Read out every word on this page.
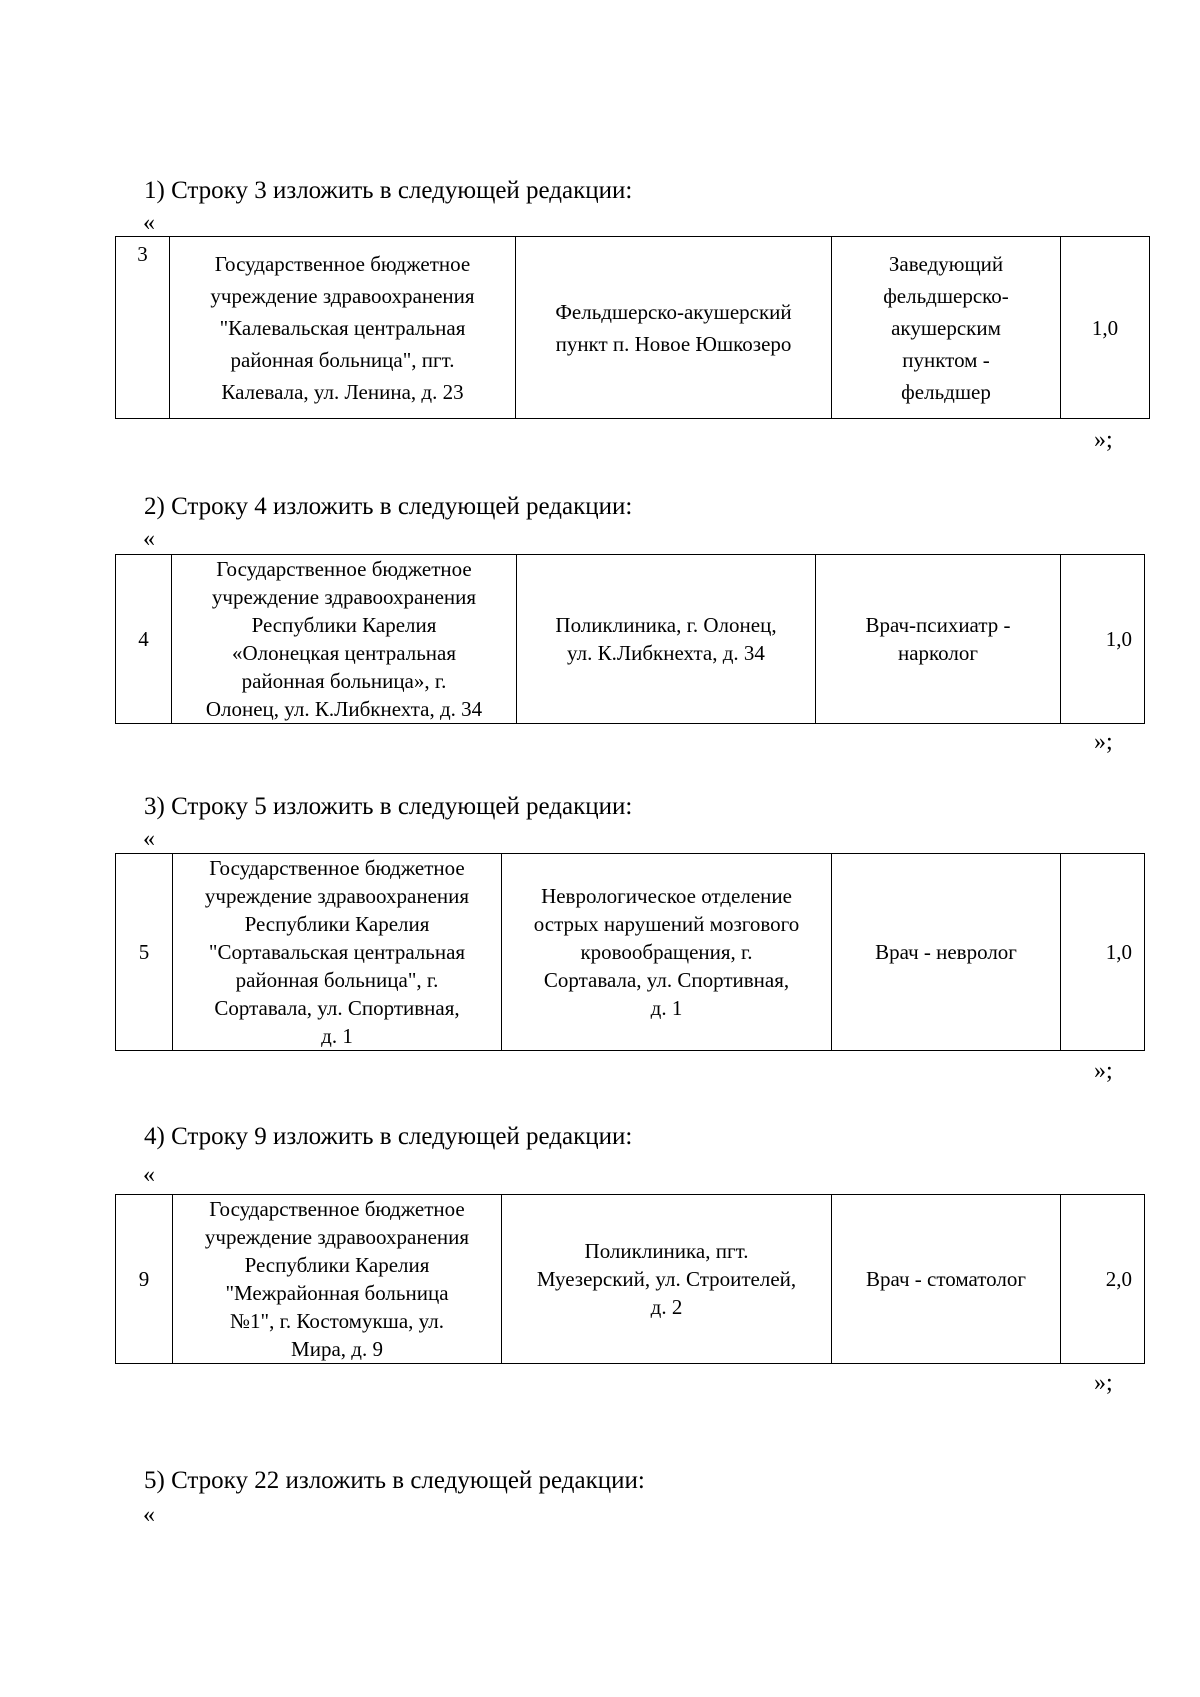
1) Строку 3 изложить в следующей редакции:
«
3	Государственное бюджетное
учреждение здравоохранения
"Калевальская центральная
районная больница", пгт.
Калевала, ул. Ленина, д. 23

Фельдшерско-акушерский
пункт п. Новое Юшкозеро

Заведующий
фельдшерско-
акушерским
пунктом -
фельдшер

1,0
»;
2) Строку 4 изложить в следующей редакции:
«
4

Государственное бюджетное
учреждение здравоохранения
Республики Карелия
«Олонецкая центральная
районная больница», г.
Олонец, ул. К.Либкнехта, д. 34

Поликлиника, г. Олонец,
ул. К.Либкнехта, д. 34

Врач-психиатр -
нарколог

1,0
»;
3) Строку 5 изложить в следующей редакции:
«
5

Государственное бюджетное
учреждение здравоохранения
Республики Карелия
"Сортавальская центральная
районная больница", г.
Сортавала, ул. Спортивная,
д. 1

Неврологическое отделение
острых нарушений мозгового
кровообращения, г.
Сортавала, ул. Спортивная,
д. 1

Врач - невролог	1,0
»;
4) Строку 9 изложить в следующей редакции:
«
9

Государственное бюджетное
учреждение здравоохранения
Республики Карелия
"Межрайонная больница
№1", г. Костомукша, ул.
Мира, д. 9

Поликлиника, пгт.
Муезерский, ул. Строителей,
д. 2

Врач - стоматолог	2,0
»;
5) Строку 22 изложить в следующей редакции:
«
